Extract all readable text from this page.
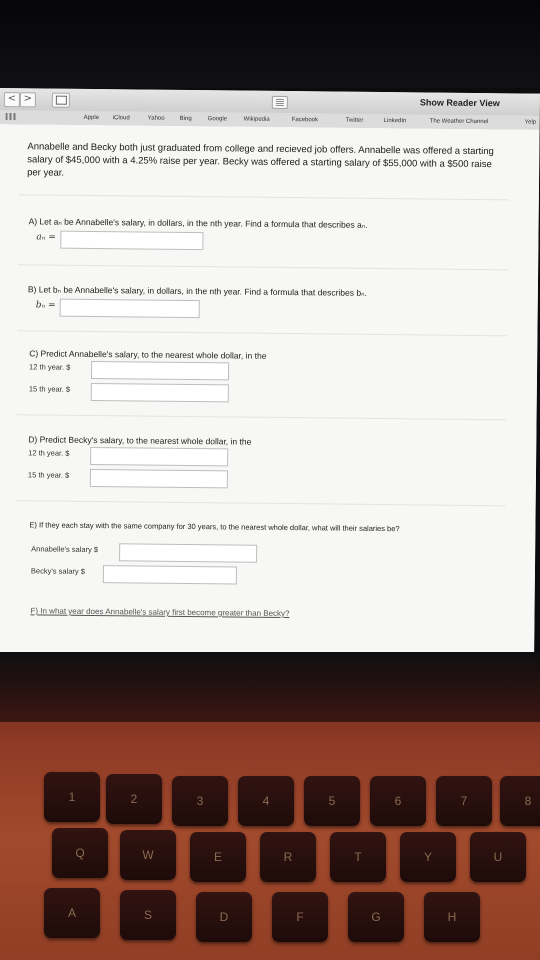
< >	Show Reader View
Apple iCloud	Yahoo	Bing	Google	Wikipedia	Facebook	Twitter	LinkedIn	The Weather Channel	Yelp
Annabelle and Becky both just graduated from college and recieved job offers. Annabelle was offered a starting salary of $45,000 with a 4.25% raise per year. Becky was offered a starting salary of $55,000 with a $500 raise per year.
A) Let aₙ be Annabelle's salary, in dollars, in the nth year. Find a formula that describes aₙ.
aₙ =
B) Let bₙ be Annabelle's salary, in dollars, in the nth year. Find a formula that describes bₙ.
bₙ =
C) Predict Annabelle's salary, to the nearest whole dollar, in the
12 th year. $
15 th year. $
D) Predict Becky's salary, to the nearest whole dollar, in the
12 th year. $
15 th year. $
E) If they each stay with the same company for 30 years, to the nearest whole dollar, what will their salaries be?
Annabelle's salary $
Becky's salary $
F) In what year does Annabelle's salary first become greater than Becky?
1	2	3	4	5	6	7	8
Q	W	E	R	T	Y	U
A	S	D	F	G	H
